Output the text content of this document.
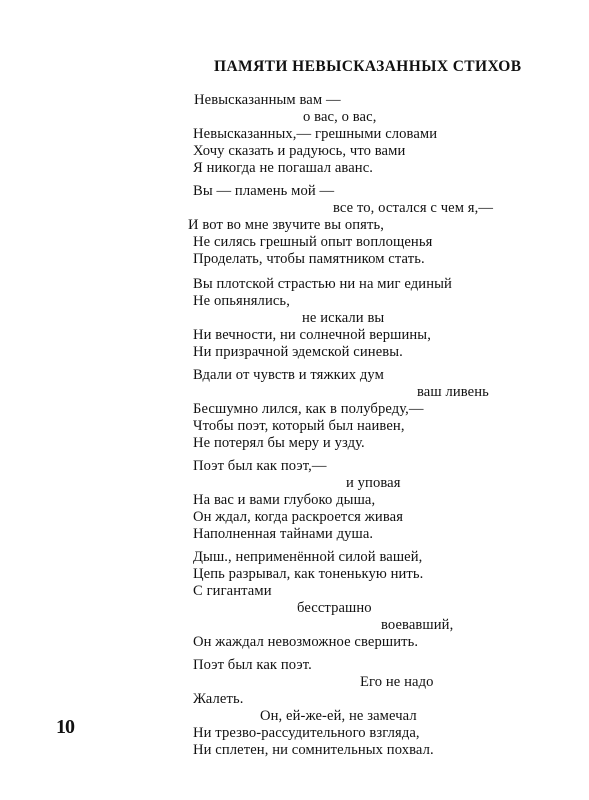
ПАМЯТИ НЕВЫСКАЗАННЫХ СТИХОВ
Невысказанным вам —
о вас, о вас,
Невысказанных,— грешными словами
Хочу сказать и радуюсь, что вами
Я никогда не погашал аванс.
Вы — пламень мой —
все то, остался с чем я,—
И вот во мне звучите вы опять,
Не силясь грешный опыт воплощенья
Проделать, чтобы памятником стать.
Вы плотской страстью ни на миг единый
Не опьянялись,
не искали вы
Ни вечности, ни солнечной вершины,
Ни призрачной эдемской синевы.
Вдали от чувств и тяжких дум
ваш ливень
Бесшумно лился, как в полубреду,—
Чтобы поэт, который был наивен,
Не потерял бы меру и узду.
Поэт был как поэт,—
и уповая
На вас и вами глубоко дыша,
Он ждал, когда раскроется живая
Наполненная тайнами душа.
Дыш., неприменённой силой вашей,
Цепь разрывал, как тоненькую нить.
С гигантами
бесстрашно
воевавший,
Он жаждал невозможное свершить.
Поэт был как поэт.
Его не надо
Жалеть.
Он, ей-же-ей, не замечал
Ни трезво-рассудительного взгляда,
Ни сплетен, ни сомнительных похвал.
10
